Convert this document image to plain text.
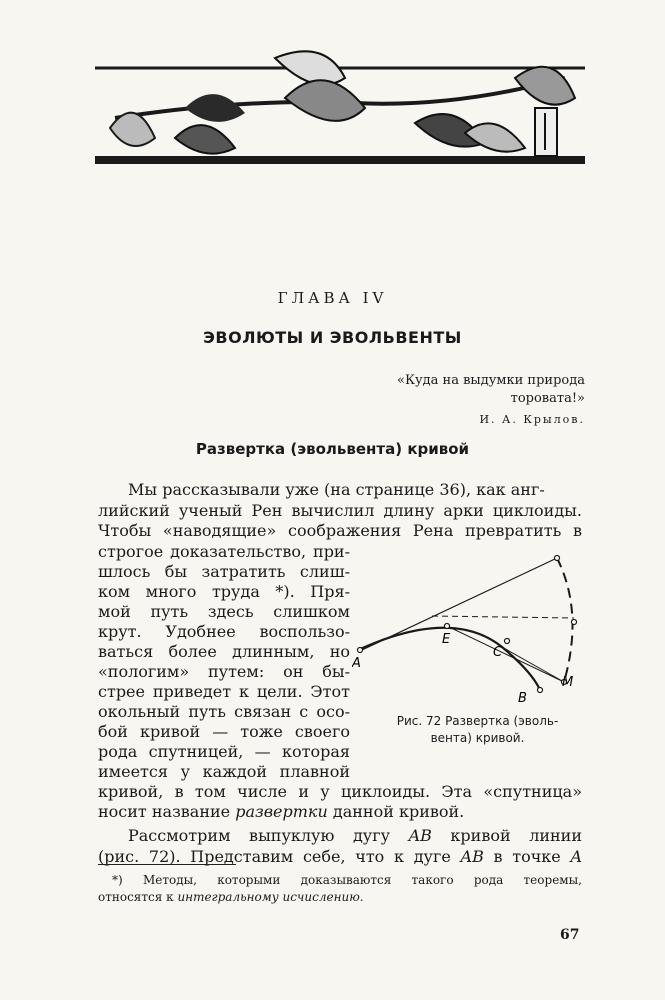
ГЛАВА IV
ЭВОЛЮТЫ И ЭВОЛЬВЕНТЫ
«Куда на выдумки природа
торовата!»
И. А. Крылов.
Развертка (эвольвента) кривой
Мы рассказывали уже (на странице 36), как анг-
лийский ученый Рен вычислил длину арки циклоиды.
Чтобы «наводящие» соображения Рена превратить в
строгое доказательство, при-
шлось бы затратить слиш-
ком много труда *). Пря-
мой путь здесь слишком
крут. Удобнее воспользо-
ваться более длинным, но
«пологим» путем: он бы-
стрее приведет к цели. Этот
окольный путь связан с осо-
бой кривой — тоже своего
рода спутницей, — которая
имеется у каждой плавной
кривой, в том числе и у циклоиды. Эта «спутница»
носит название развертки данной кривой.
Рассмотрим выпуклую дугу AB кривой линии
(рис. 72). Представим себе, что к дуге AB в точке A
A
E
C
B
M
Рис. 72 Развертка (эволь-
вента) кривой.
*) Методы, которыми доказываются такого рода теоремы,
относятся к интегральному исчислению.
67
